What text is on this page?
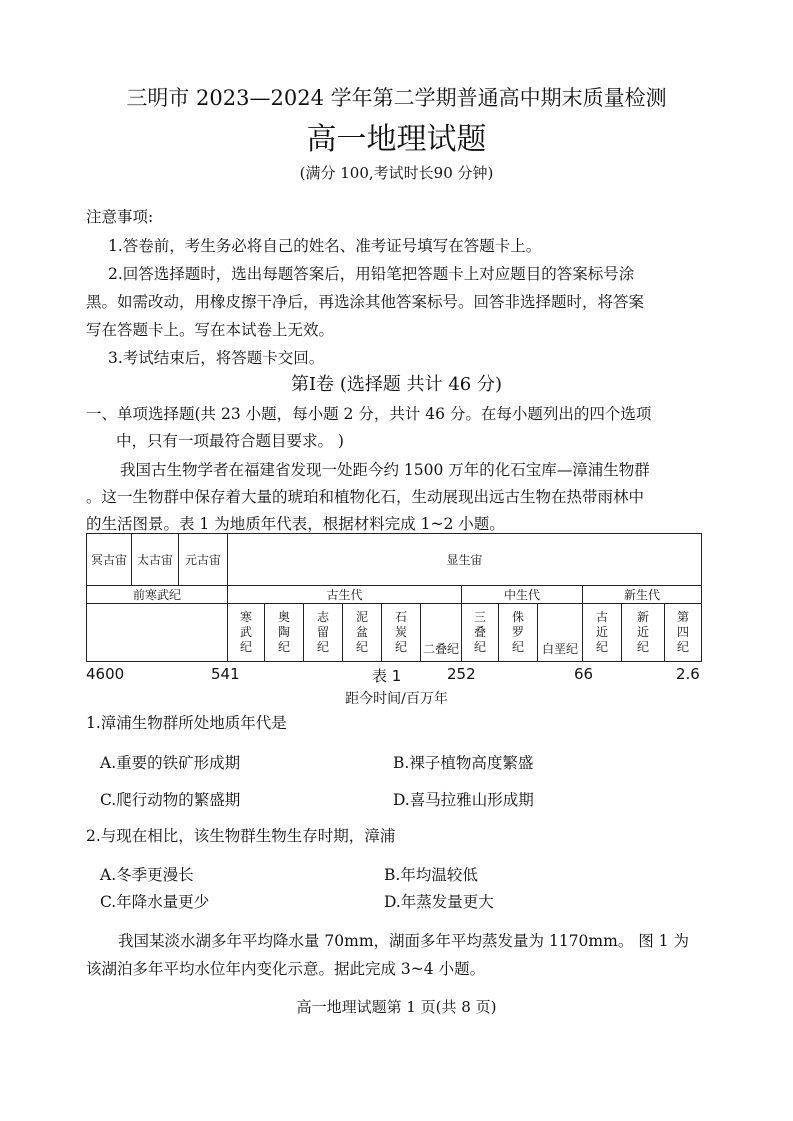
三明市 2023—2024 学年第二学期普通高中期末质量检测
高一地理试题
(满分 100,考试时长90 分钟)
注意事项:
1.答卷前，考生务必将自己的姓名、准考证号填写在答题卡上。
2.回答选择题时，选出每题答案后，用铅笔把答题卡上对应题目的答案标号涂
黑。如需改动，用橡皮擦干净后，再选涂其他答案标号。回答非选择题时，将答案
写在答题卡上。写在本试卷上无效。
3.考试结束后，将答题卡交回。
第Ⅰ卷 (选择题 共计 46 分)
一、单项选择题(共 23 小题，每小题 2 分，共计 46 分。在每小题列出的四个选项
中，只有一项最符合题目要求。 )
我国古生物学者在福建省发现一处距今约 1500 万年的化石宝库—漳浦生物群
。这一生物群中保存着大量的琥珀和植物化石，生动展现出远古生物在热带雨林中
的生活图景。表 1 为地质年代表，根据材料完成 1~2 小题。
冥古宙	太古宙	元古宙	显生宙											
前寒武纪			古生代						中生代			新生代		
			寒武纪	奥陶纪	志留纪	泥盆纪	石炭纪	二叠纪	三叠纪	侏罗纪	白垩纪	古近纪	新近纪	第四纪
4600	541	表 1	252	66	2.6
距今时间/百万年
1.漳浦生物群所处地质年代是
A.重要的铁矿形成期	B.裸子植物高度繁盛
C.爬行动物的繁盛期	D.喜马拉雅山形成期
2.与现在相比，该生物群生物生存时期，漳浦
A.冬季更漫长	B.年均温较低
C.年降水量更少	D.年蒸发量更大
我国某淡水湖多年平均降水量 70mm，湖面多年平均蒸发量为 1170mm。 图 1 为
该湖泊多年平均水位年内变化示意。据此完成 3~4 小题。
高一地理试题第 1 页(共 8 页)
